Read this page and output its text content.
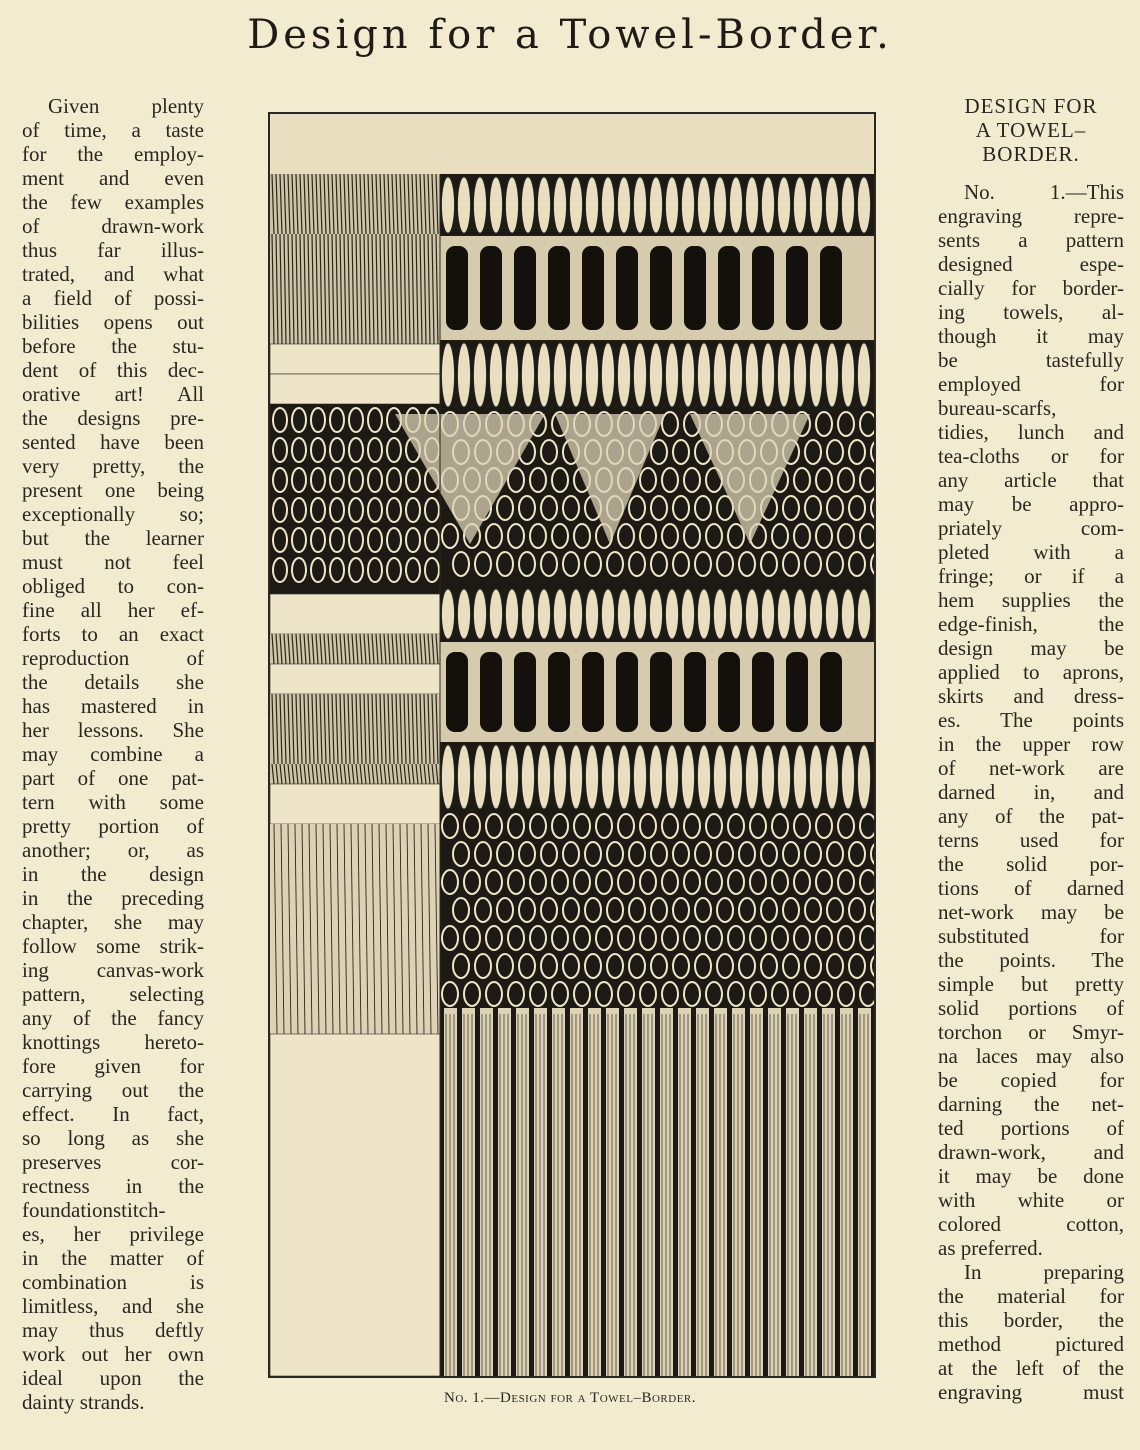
Design for a Towel-Border.
Given plenty
of time, a taste
for the employ-
ment and even
the few examples
of drawn-work
thus far illus-
trated, and what
a field of possi-
bilities opens out
before the stu-
dent of this dec-
orative art! All
the designs pre-
sented have been
very pretty, the
present one being
exceptionally so;
but the learner
must not feel
obliged to con-
fine all her ef-
forts to an exact
reproduction of
the details she
has mastered in
her lessons. She
may combine a
part of one pat-
tern with some
pretty portion of
another; or, as
in the design
in the preceding
chapter, she may
follow some strik-
ing canvas-work
pattern, selecting
any of the fancy
knottings hereto-
fore given for
carrying out the
effect. In fact,
so long as she
preserves cor-
rectness in the
foundationstitch-
es, her privilege
in the matter of
combination is
limitless, and she
may thus deftly
work out her own
ideal upon the
dainty strands.
DESIGN FOR
A TOWEL–
BORDER.
No. 1.—This
engraving repre-
sents a pattern
designed espe-
cially for border-
ing towels, al-
though it may
be tastefully
employed for
bureau-scarfs,
tidies, lunch and
tea-cloths or for
any article that
may be appro-
priately com-
pleted with a
fringe; or if a
hem supplies the
edge-finish, the
design may be
applied to aprons,
skirts and dress-
es. The points
in the upper row
of net-work are
darned in, and
any of the pat-
terns used for
the solid por-
tions of darned
net-work may be
substituted for
the points. The
simple but pretty
solid portions of
torchon or Smyr-
na laces may also
be copied for
darning the net-
ted portions of
drawn-work, and
it may be done
with white or
colored cotton,
as preferred.
In preparing
the material for
this border, the
method pictured
at the left of the
engraving must
No. 1.—Design for a Towel–Border.
